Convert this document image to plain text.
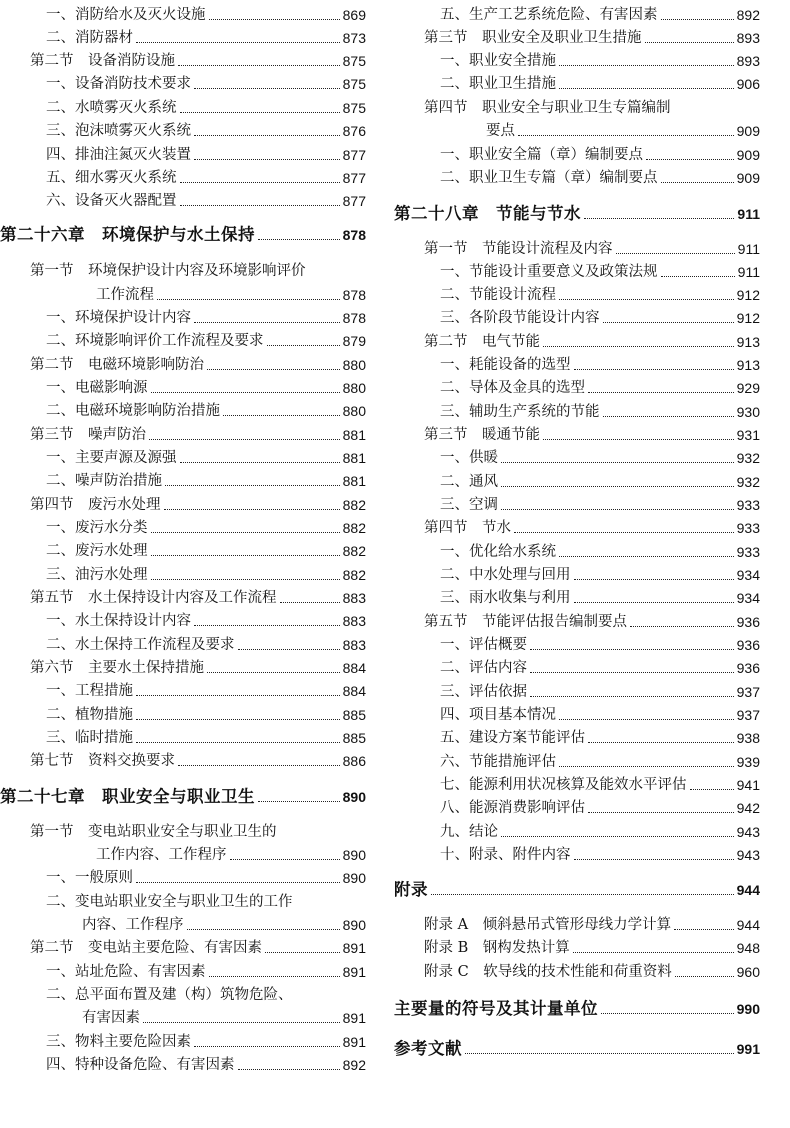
一、消防给水及灭火设施	869
二、消防器材	873
第二节　设备消防设施	875
一、设备消防技术要求	875
二、水喷雾灭火系统	875
三、泡沫喷雾灭火系统	876
四、排油注氮灭火装置	877
五、细水雾灭火系统	877
六、设备灭火器配置	877
第二十六章　环境保护与水土保持	878
第一节　环境保护设计内容及环境影响评价
工作流程	878
一、环境保护设计内容	878
二、环境影响评价工作流程及要求	879
第二节　电磁环境影响防治	880
一、电磁影响源	880
二、电磁环境影响防治措施	880
第三节　噪声防治	881
一、主要声源及源强	881
二、噪声防治措施	881
第四节　废污水处理	882
一、废污水分类	882
二、废污水处理	882
三、油污水处理	882
第五节　水土保持设计内容及工作流程	883
一、水土保持设计内容	883
二、水土保持工作流程及要求	883
第六节　主要水土保持措施	884
一、工程措施	884
二、植物措施	885
三、临时措施	885
第七节　资料交换要求	886
第二十七章　职业安全与职业卫生	890
第一节　变电站职业安全与职业卫生的
工作内容、工作程序	890
一、一般原则	890
二、变电站职业安全与职业卫生的工作
内容、工作程序	890
第二节　变电站主要危险、有害因素	891
一、站址危险、有害因素	891
二、总平面布置及建（构）筑物危险、
有害因素	891
三、物料主要危险因素	891
四、特种设备危险、有害因素	892
五、生产工艺系统危险、有害因素	892
第三节　职业安全及职业卫生措施	893
一、职业安全措施	893
二、职业卫生措施	906
第四节　职业安全与职业卫生专篇编制
要点	909
一、职业安全篇（章）编制要点	909
二、职业卫生专篇（章）编制要点	909
第二十八章　节能与节水	911
第一节　节能设计流程及内容	911
一、节能设计重要意义及政策法规	911
二、节能设计流程	912
三、各阶段节能设计内容	912
第二节　电气节能	913
一、耗能设备的选型	913
二、导体及金具的选型	929
三、辅助生产系统的节能	930
第三节　暖通节能	931
一、供暖	932
二、通风	932
三、空调	933
第四节　节水	933
一、优化给水系统	933
二、中水处理与回用	934
三、雨水收集与利用	934
第五节　节能评估报告编制要点	936
一、评估概要	936
二、评估内容	936
三、评估依据	937
四、项目基本情况	937
五、建设方案节能评估	938
六、节能措施评估	939
七、能源利用状况核算及能效水平评估	941
八、能源消费影响评估	942
九、结论	943
十、附录、附件内容	943
附录	944
附录 A　倾斜悬吊式管形母线力学计算	944
附录 B　钢构发热计算	948
附录 C　软导线的技术性能和荷重资料	960
主要量的符号及其计量单位	990
参考文献	991
